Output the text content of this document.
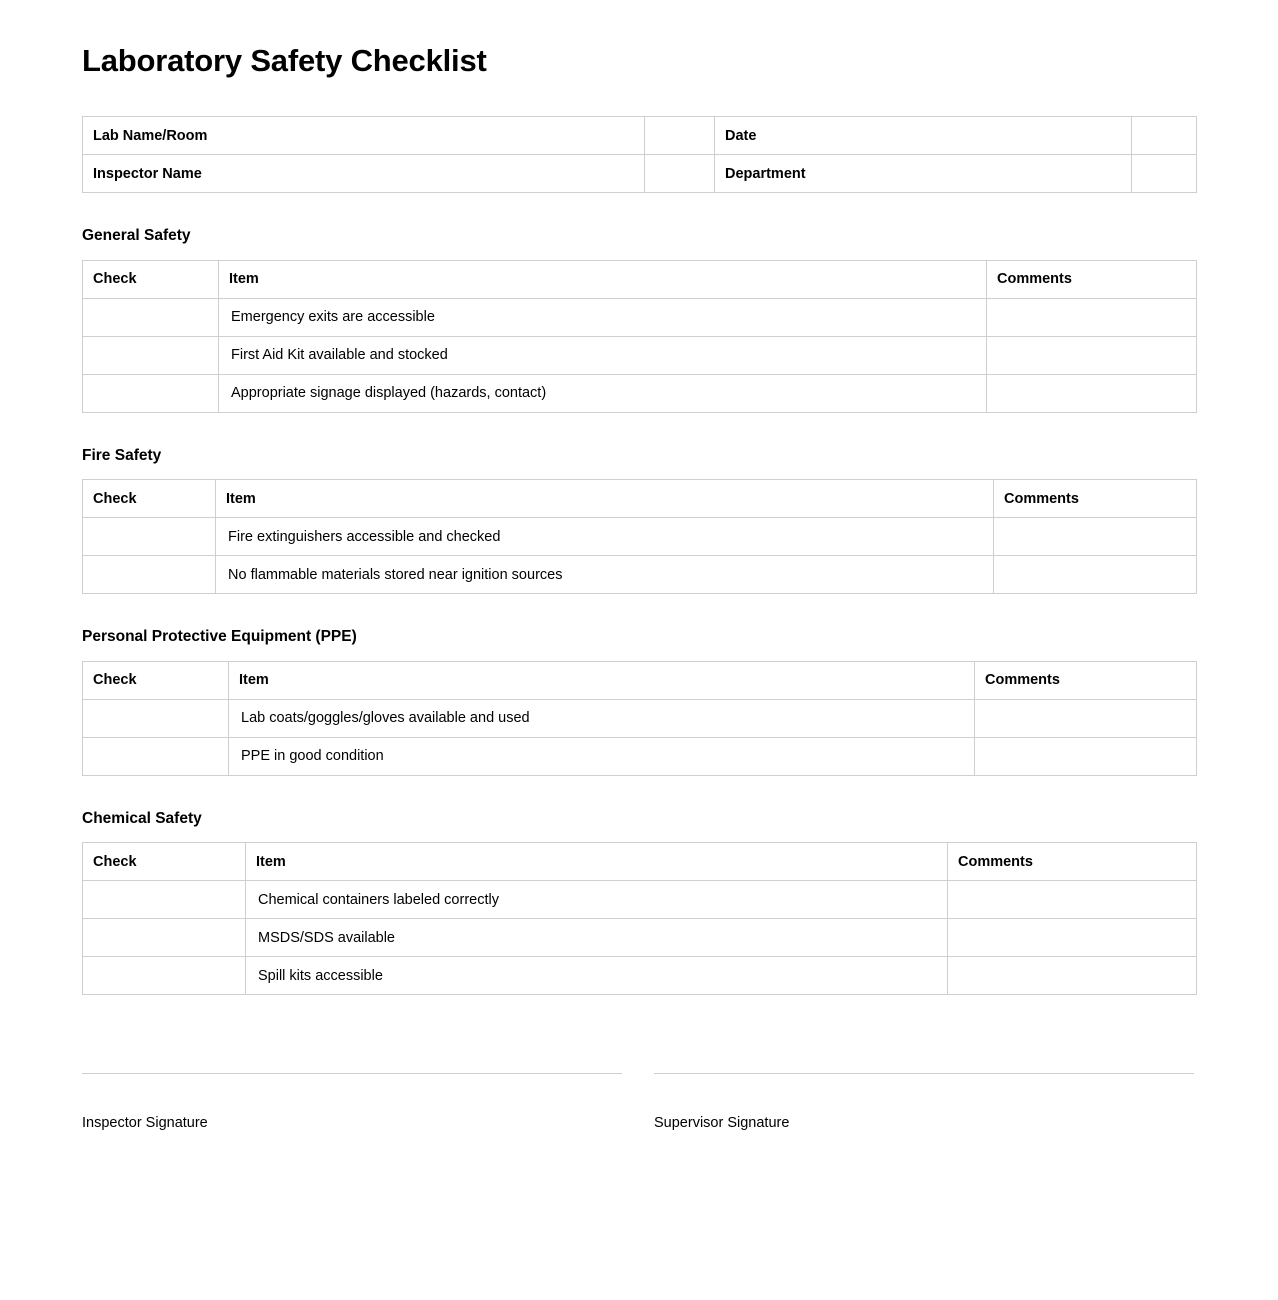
Laboratory Safety Checklist
Lab Name/Room		Date	
Inspector Name		Department	
General Safety
Check	Item	Comments
	Emergency exits are accessible	
	First Aid Kit available and stocked	
	Appropriate signage displayed (hazards, contact)	
Fire Safety
Check	Item	Comments
	Fire extinguishers accessible and checked	
	No flammable materials stored near ignition sources	
Personal Protective Equipment (PPE)
Check	Item	Comments
	Lab coats/goggles/gloves available and used	
	PPE in good condition	
Chemical Safety
Check	Item	Comments
	Chemical containers labeled correctly	
	MSDS/SDS available	
	Spill kits accessible	
Inspector Signature	Supervisor Signature
